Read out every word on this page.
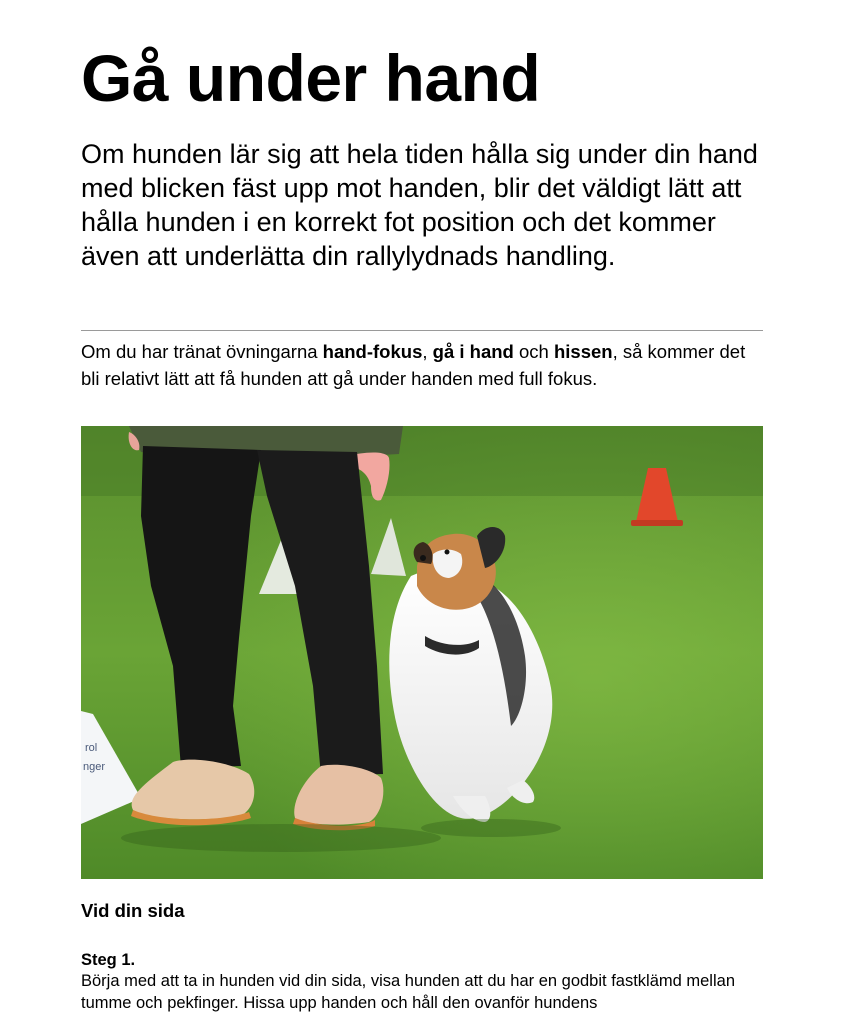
Gå under hand

Om hunden lär sig att hela tiden hålla sig under din hand med blicken fäst upp mot handen, blir det väldigt lätt att hålla hunden i en korrekt fot position och det kommer även att underlätta din rallylydnads handling.

Om du har tränat övningarna hand-fokus, gå i hand och hissen, så kommer det bli relativt lätt att få hunden att gå under handen med full fokus.

rol
nger

Vid din sida

Steg 1.

Börja med att ta in hunden vid din sida, visa hunden att du har en godbit fastklämd mellan tumme och pekfinger. Hissa upp handen och håll den ovanför hundens
